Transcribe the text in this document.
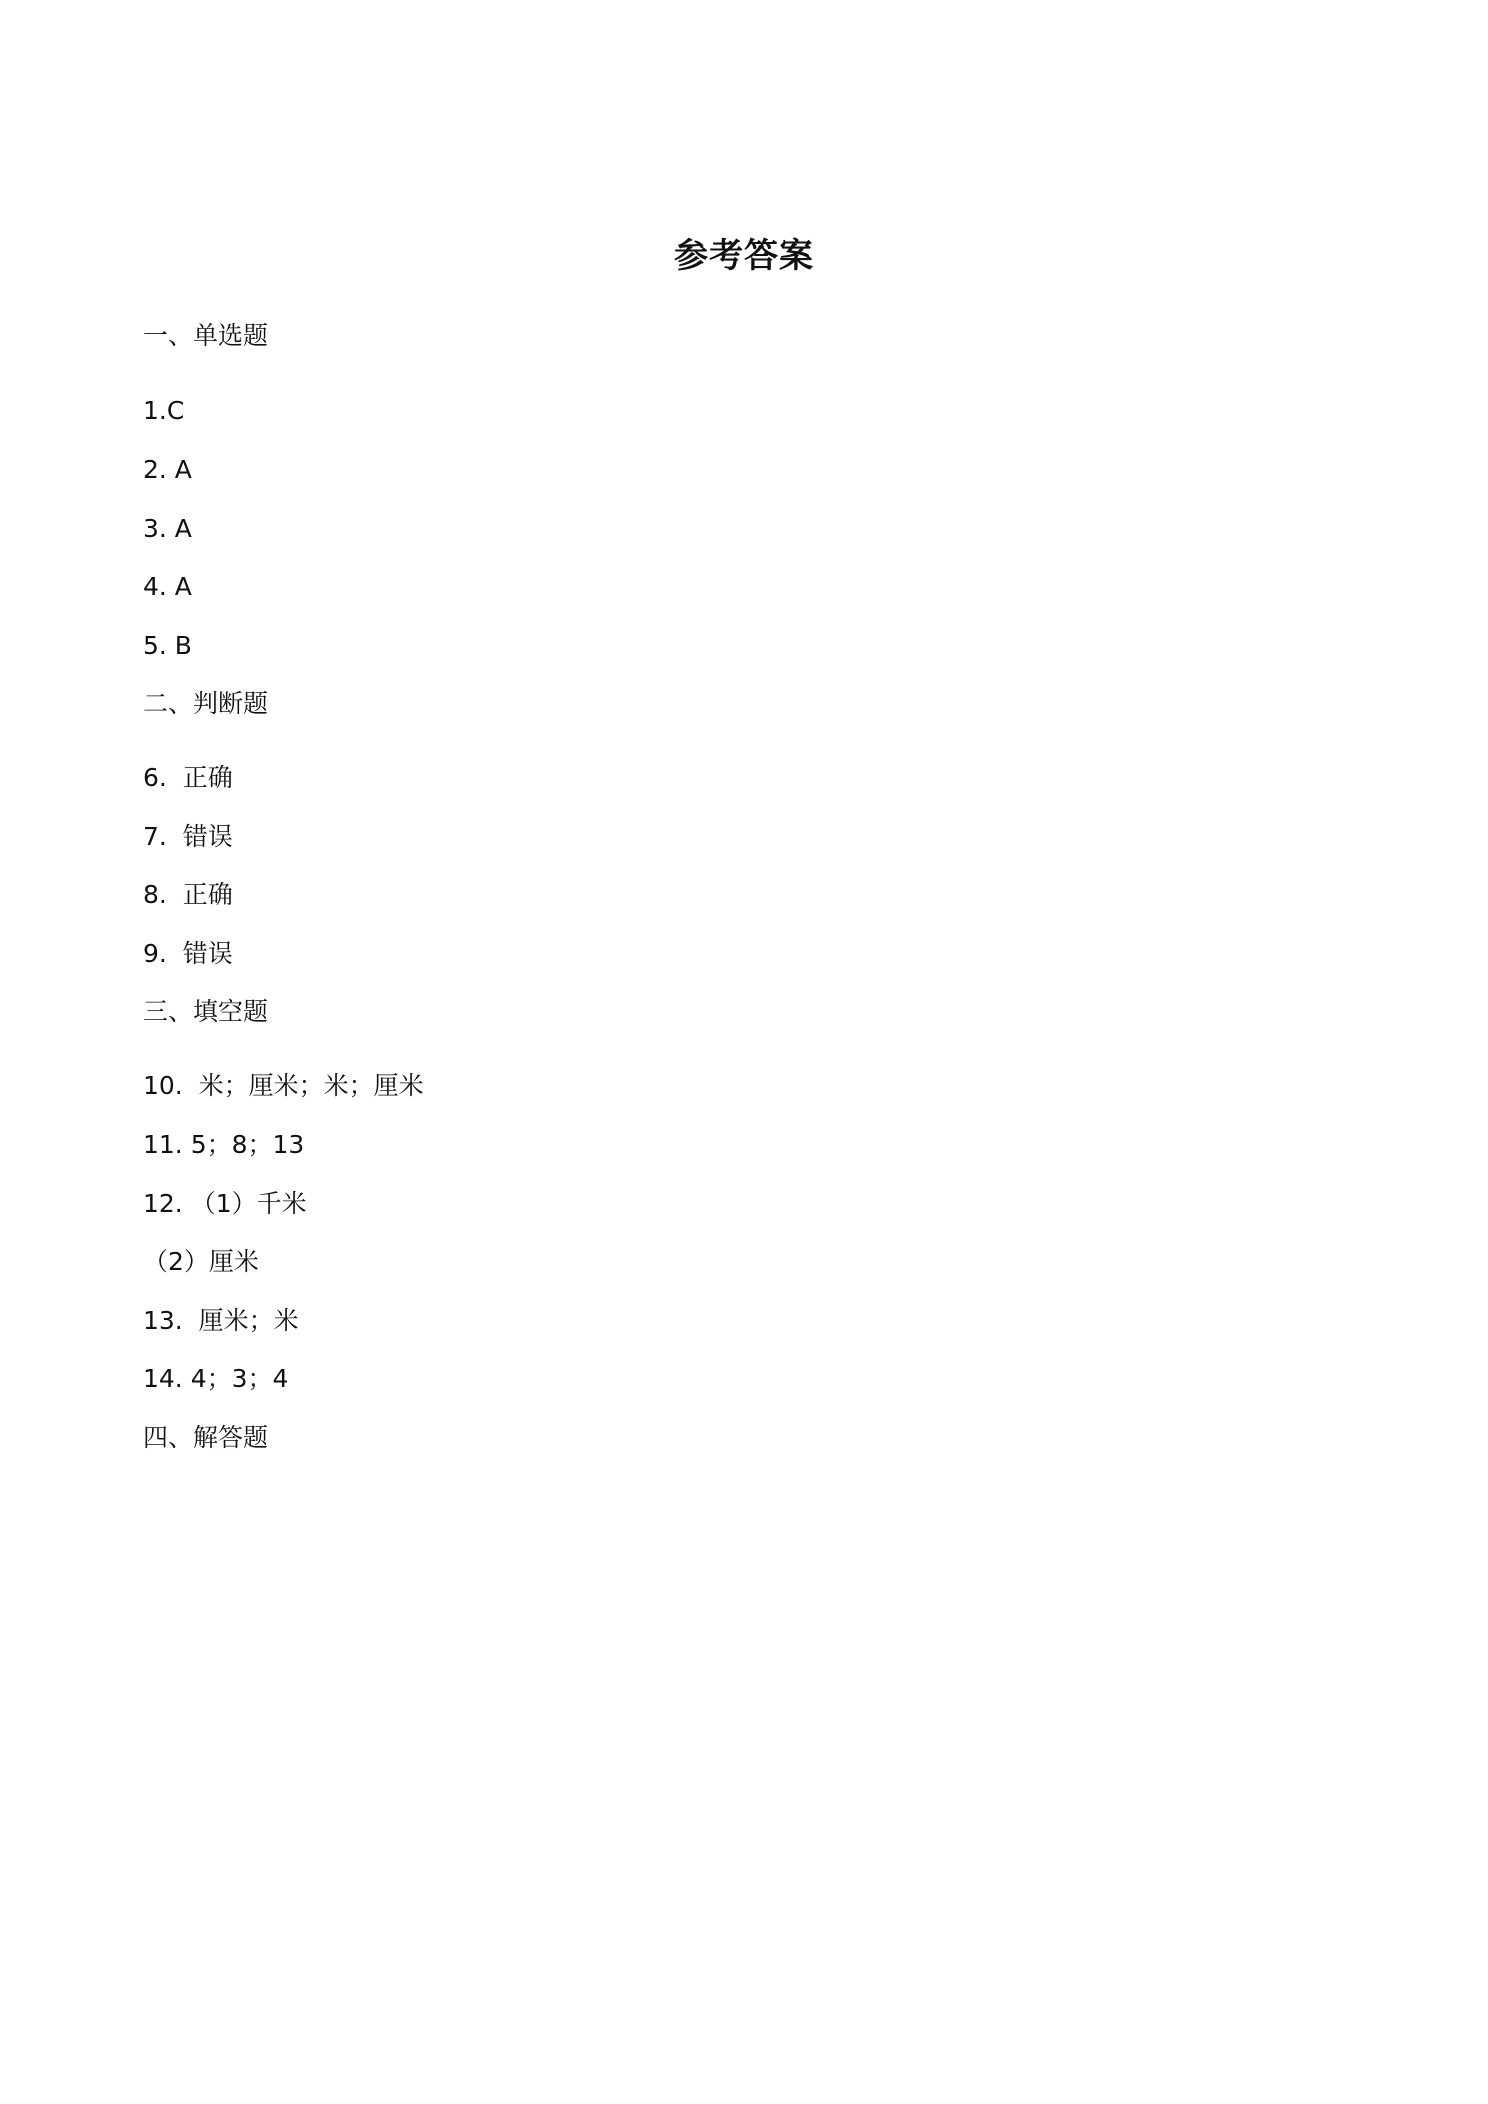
参考答案
一、单选题
1.C
2. A
3. A
4. A
5. B
二、判断题
6.  正确
7.  错误
8.  正确
9.  错误
三、填空题
10.  米；厘米；米；厘米
11. 5；8；13
12. （1）千米
（2）厘米
13.  厘米；米
14. 4；3；4
四、解答题
